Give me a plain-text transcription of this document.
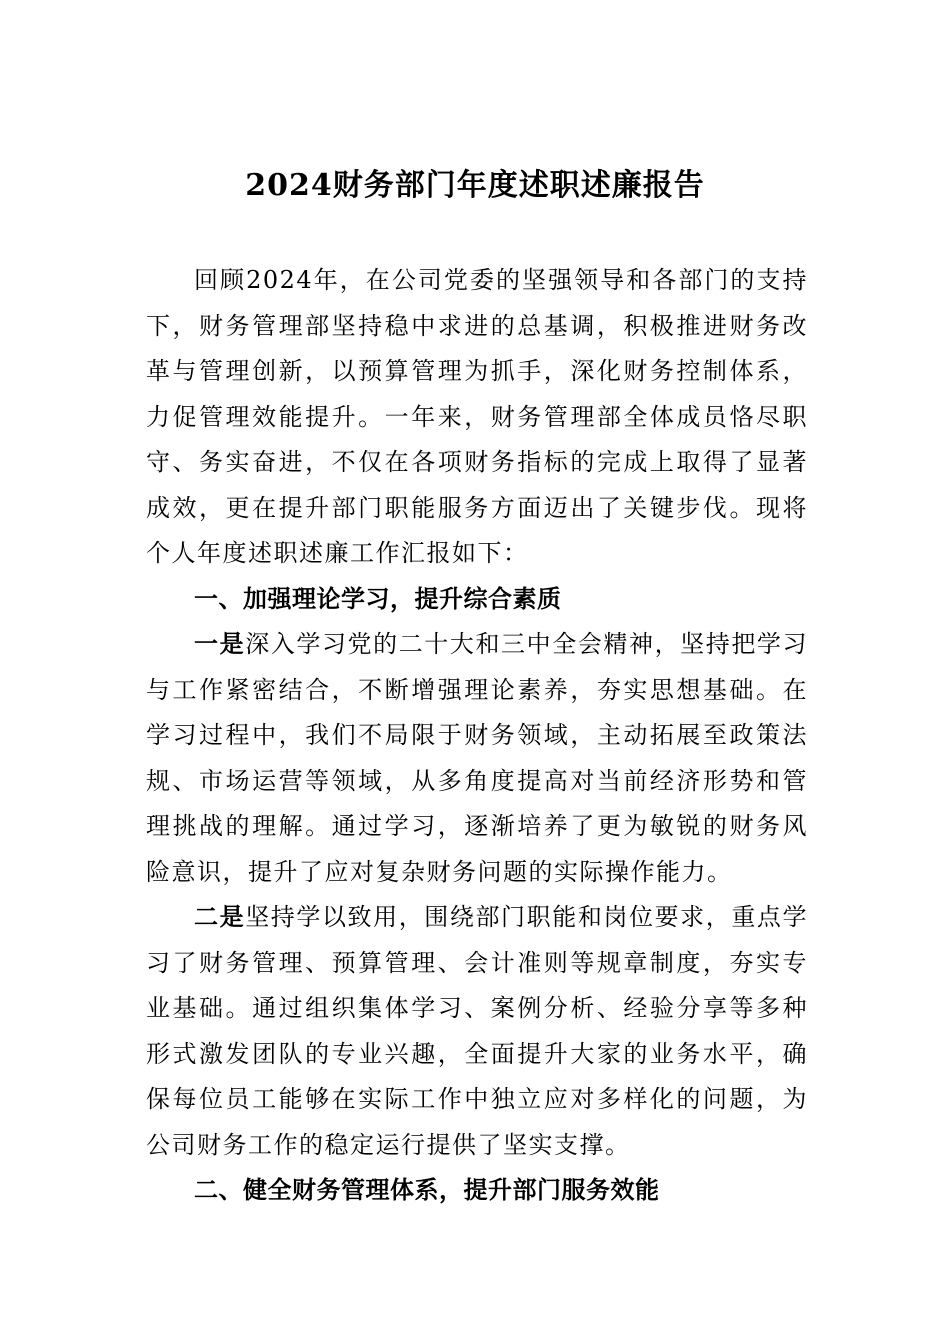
2024财务部门年度述职述廉报告

回顾2024年，在公司党委的坚强领导和各部门的支持下，财务管理部坚持稳中求进的总基调，积极推进财务改革与管理创新，以预算管理为抓手，深化财务控制体系，力促管理效能提升。一年来，财务管理部全体成员恪尽职守、务实奋进，不仅在各项财务指标的完成上取得了显著成效，更在提升部门职能服务方面迈出了关键步伐。现将个人年度述职述廉工作汇报如下：

一、加强理论学习，提升综合素质

一是深入学习党的二十大和三中全会精神，坚持把学习与工作紧密结合，不断增强理论素养，夯实思想基础。在学习过程中，我们不局限于财务领域，主动拓展至政策法规、市场运营等领域，从多角度提高对当前经济形势和管理挑战的理解。通过学习，逐渐培养了更为敏锐的财务风险意识，提升了应对复杂财务问题的实际操作能力。

二是坚持学以致用，围绕部门职能和岗位要求，重点学习了财务管理、预算管理、会计准则等规章制度，夯实专业基础。通过组织集体学习、案例分析、经验分享等多种形式激发团队的专业兴趣，全面提升大家的业务水平，确保每位员工能够在实际工作中独立应对多样化的问题，为公司财务工作的稳定运行提供了坚实支撑。

二、健全财务管理体系，提升部门服务效能
